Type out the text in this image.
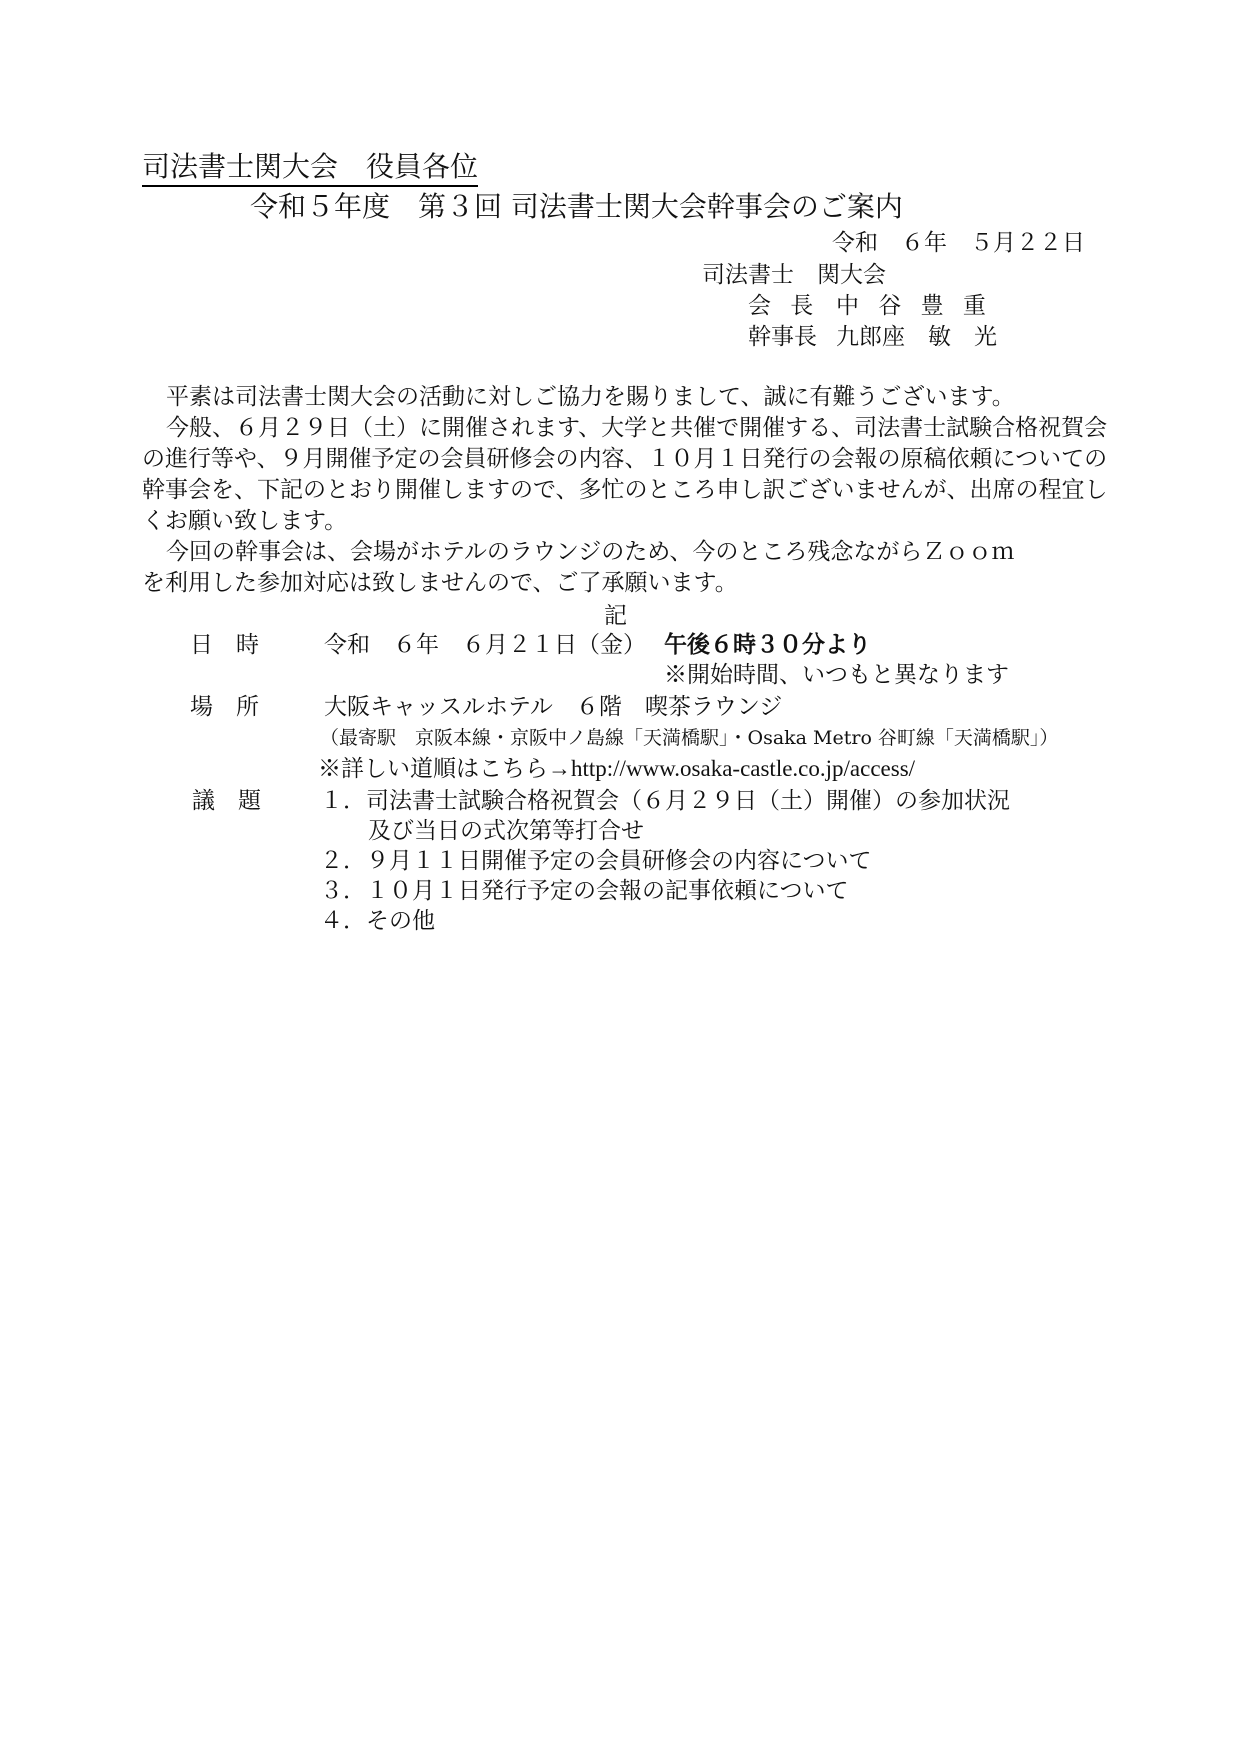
司法書士関大会　役員各位
令和５年度　第３回 司法書士関大会幹事会のご案内
令和　６年　５月２２日
司法書士　関大会
会 長 中 谷 豊 重
幹事長 九郎座　敏　光
平素は司法書士関大会の活動に対しご協力を賜りまして、誠に有難うございます。
今般、６月２９日（土）に開催されます、大学と共催で開催する、司法書士試験合格祝賀会
の進行等や、９月開催予定の会員研修会の内容、１０月１日発行の会報の原稿依頼についての
幹事会を、下記のとおり開催しますので、多忙のところ申し訳ございませんが、出席の程宜し
くお願い致します。
今回の幹事会は、会場がホテルのラウンジのため、今のところ残念ながらＺｏｏｍ
を利用した参加対応は致しませんので、ご了承願います。
記
日　時	令和　６年　６月２１日（金） 午後６時３０分より
※開始時間、いつもと異なります
場　所	大阪キャッスルホテル　６階　喫茶ラウンジ
（最寄駅　京阪本線・京阪中ノ島線「天満橋駅」・Osaka Metro 谷町線「天満橋駅」）
※詳しい道順はこちら→http://www.osaka-castle.co.jp/access/
議　題	１．司法書士試験合格祝賀会（６月２９日（土）開催）の参加状況
及び当日の式次第等打合せ
２．９月１１日開催予定の会員研修会の内容について
３．１０月１日発行予定の会報の記事依頼について
４．その他
